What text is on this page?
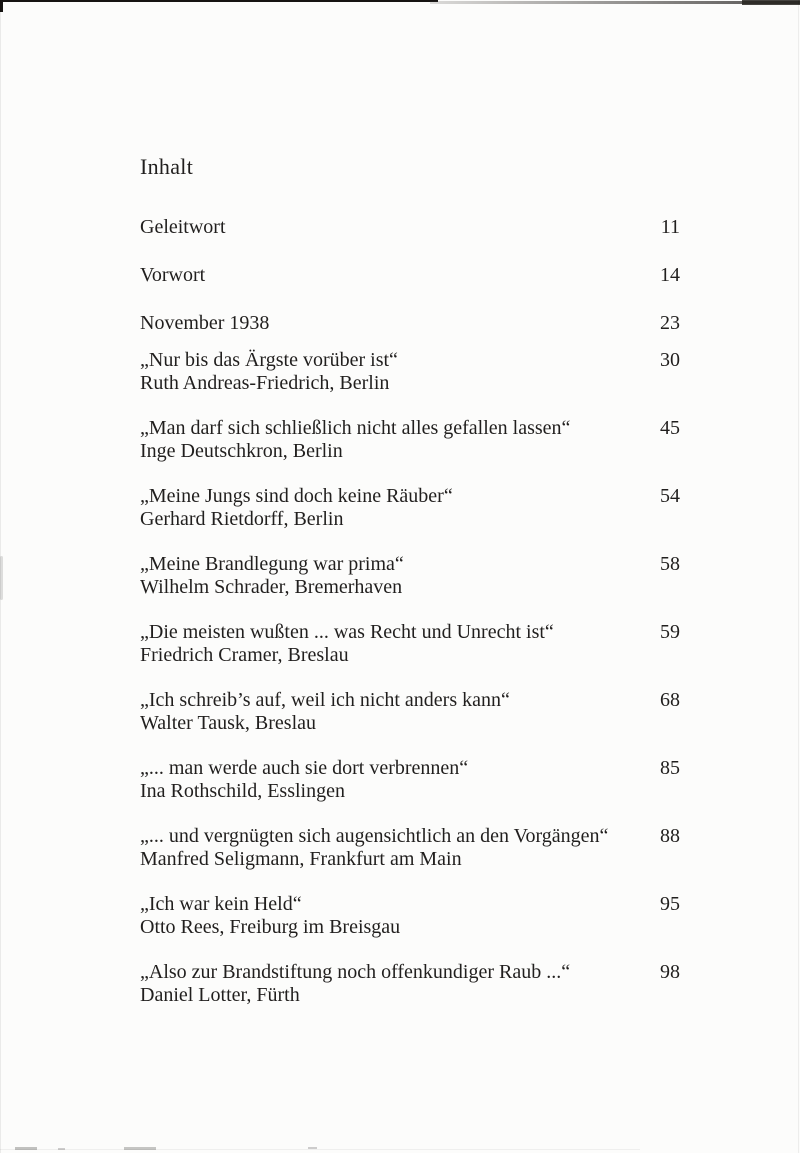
Inhalt
Geleitwort	11
Vorwort	14
November 1938	23
„Nur bis das Ärgste vorüber ist“	30
Ruth Andreas-Friedrich, Berlin
„Man darf sich schließlich nicht alles gefallen lassen“	45
Inge Deutschkron, Berlin
„Meine Jungs sind doch keine Räuber“	54
Gerhard Rietdorff, Berlin
„Meine Brandlegung war prima“	58
Wilhelm Schrader, Bremerhaven
„Die meisten wußten ... was Recht und Unrecht ist“	59
Friedrich Cramer, Breslau
„Ich schreib’s auf, weil ich nicht anders kann“	68
Walter Tausk, Breslau
„... man werde auch sie dort verbrennen“	85
Ina Rothschild, Esslingen
„... und vergnügten sich augensichtlich an den Vorgängen“	88
Manfred Seligmann, Frankfurt am Main
„Ich war kein Held“	95
Otto Rees, Freiburg im Breisgau
„Also zur Brandstiftung noch offenkundiger Raub ...“	98
Daniel Lotter, Fürth
